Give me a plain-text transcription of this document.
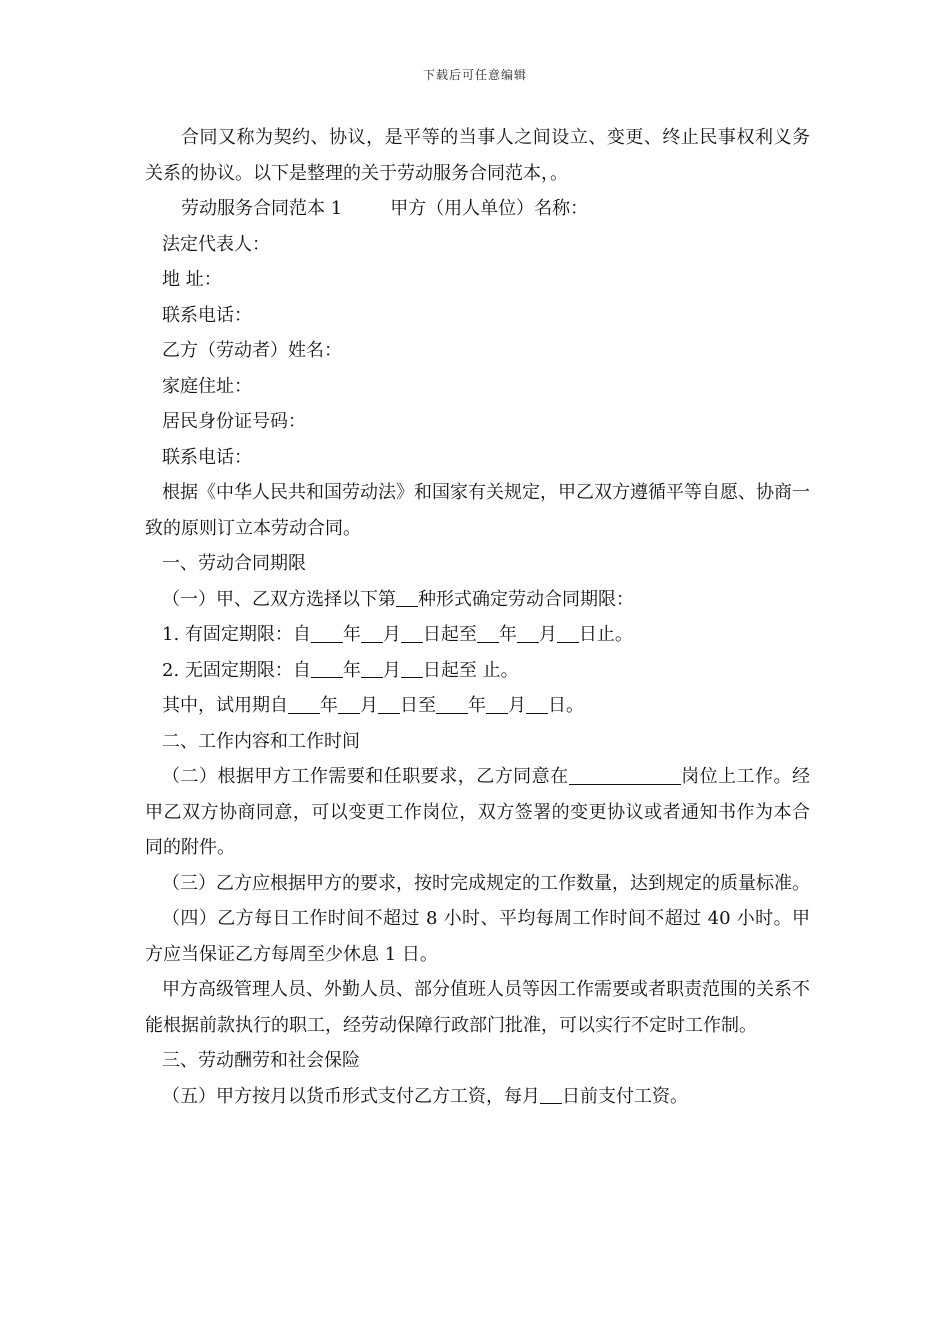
下载后可任意编辑

合同又称为契约、协议，是平等的当事人之间设立、变更、终止民事权利义务关系的协议。以下是整理的关于劳动服务合同范本，。

劳动服务合同范本 1	甲方（用人单位）名称：

法定代表人：

地 址：

联系电话：

乙方（劳动者）姓名：

家庭住址：

居民身份证号码：

联系电话：

根据《中华人民共和国劳动法》和国家有关规定，甲乙双方遵循平等自愿、协商一致的原则订立本劳动合同。

一、劳动合同期限

（一）甲、乙双方选择以下第 种形式确定劳动合同期限：

1. 有固定期限：自 年 月 日起至 年 月 日止。

2. 无固定期限：自 年 月 日起至 止。

其中，试用期自 年 月 日至 年 月 日。

二、工作内容和工作时间

（二）根据甲方工作需要和任职要求，乙方同意在	岗位上工作。经甲乙双方协商同意，可以变更工作岗位，双方签署的变更协议或者通知书作为本合同的附件。

（三）乙方应根据甲方的要求，按时完成规定的工作数量，达到规定的质量标准。

（四）乙方每日工作时间不超过 8 小时、平均每周工作时间不超过 40 小时。甲方应当保证乙方每周至少休息 1 日。

甲方高级管理人员、外勤人员、部分值班人员等因工作需要或者职责范围的关系不能根据前款执行的职工，经劳动保障行政部门批准，可以实行不定时工作制。

三、劳动酬劳和社会保险

（五）甲方按月以货币形式支付乙方工资，每月 日前支付工资。
